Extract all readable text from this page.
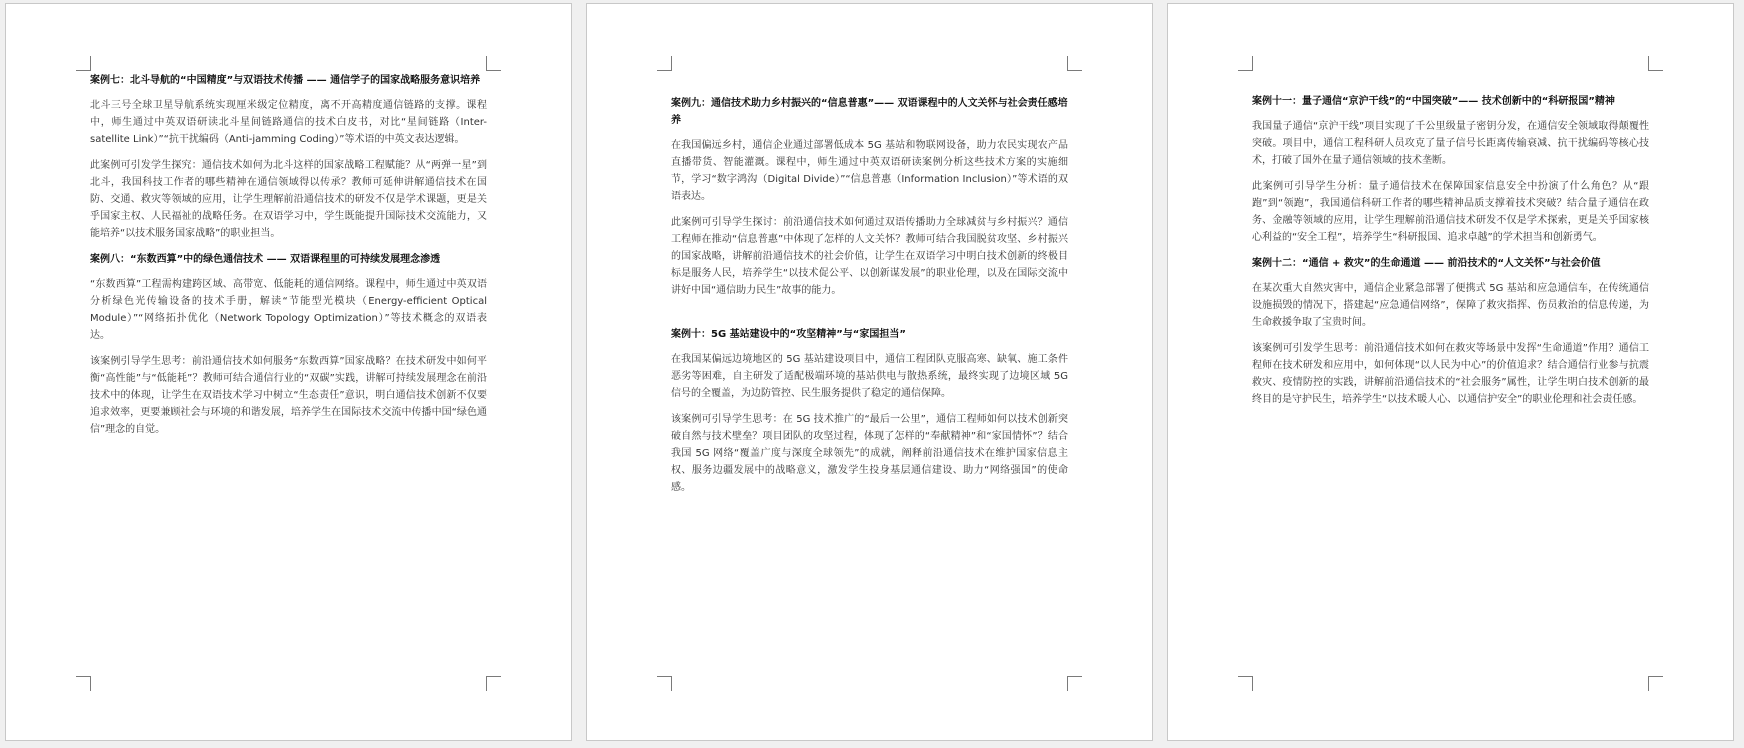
案例七：北斗导航的“中国精度”与双语技术传播 —— 通信学子的国家战略服务意识培养
北斗三号全球卫星导航系统实现厘米级定位精度，离不开高精度通信链路的支撑。课程中，师生通过中英双语研读北斗星间链路通信的技术白皮书，对比“星间链路（Inter-satellite Link）”“抗干扰编码（Anti-jamming Coding）”等术语的中英文表达逻辑。
此案例可引发学生探究：通信技术如何为北斗这样的国家战略工程赋能？从“两弹一星”到北斗，我国科技工作者的哪些精神在通信领域得以传承？教师可延伸讲解通信技术在国防、交通、救灾等领域的应用，让学生理解前沿通信技术的研发不仅是学术课题，更是关乎国家主权、人民福祉的战略任务。在双语学习中，学生既能提升国际技术交流能力，又能培养“以技术服务国家战略”的职业担当。
案例八：“东数西算”中的绿色通信技术 —— 双语课程里的可持续发展理念渗透
“东数西算”工程需构建跨区域、高带宽、低能耗的通信网络。课程中，师生通过中英双语分析绿色光传输设备的技术手册，解读“节能型光模块（Energy-efficient Optical Module）”“网络拓扑优化（Network Topology Optimization）”等技术概念的双语表达。
该案例引导学生思考：前沿通信技术如何服务“东数西算”国家战略？在技术研发中如何平衡“高性能”与“低能耗”？教师可结合通信行业的“双碳”实践，讲解可持续发展理念在前沿技术中的体现，让学生在双语技术学习中树立“生态责任”意识，明白通信技术创新不仅要追求效率，更要兼顾社会与环境的和谐发展，培养学生在国际技术交流中传播中国“绿色通信”理念的自觉。
案例九：通信技术助力乡村振兴的“信息普惠”—— 双语课程中的人文关怀与社会责任感培养
在我国偏远乡村，通信企业通过部署低成本 5G 基站和物联网设备，助力农民实现农产品直播带货、智能灌溉。课程中，师生通过中英双语研读案例分析这些技术方案的实施细节，学习“数字鸿沟（Digital Divide）”“信息普惠（Information Inclusion）”等术语的双语表达。
此案例可引导学生探讨：前沿通信技术如何通过双语传播助力全球减贫与乡村振兴？通信工程师在推动“信息普惠”中体现了怎样的人文关怀？教师可结合我国脱贫攻坚、乡村振兴的国家战略，讲解前沿通信技术的社会价值，让学生在双语学习中明白技术创新的终极目标是服务人民，培养学生“以技术促公平、以创新谋发展”的职业伦理，以及在国际交流中讲好中国“通信助力民生”故事的能力。
案例十：5G 基站建设中的“攻坚精神”与“家国担当”
在我国某偏远边境地区的 5G 基站建设项目中，通信工程团队克服高寒、缺氧、施工条件恶劣等困难，自主研发了适配极端环境的基站供电与散热系统，最终实现了边境区域 5G 信号的全覆盖，为边防管控、民生服务提供了稳定的通信保障。
该案例可引导学生思考：在 5G 技术推广的“最后一公里”，通信工程师如何以技术创新突破自然与技术壁垒？项目团队的攻坚过程，体现了怎样的“奉献精神”和“家国情怀”？结合我国 5G 网络“覆盖广度与深度全球领先”的成就，阐释前沿通信技术在维护国家信息主权、服务边疆发展中的战略意义，激发学生投身基层通信建设、助力“网络强国”的使命感。
案例十一：量子通信“京沪干线”的“中国突破”—— 技术创新中的“科研报国”精神
我国量子通信“京沪干线”项目实现了千公里级量子密钥分发，在通信安全领域取得颠覆性突破。项目中，通信工程科研人员攻克了量子信号长距离传输衰减、抗干扰编码等核心技术，打破了国外在量子通信领域的技术垄断。
此案例可引导学生分析：量子通信技术在保障国家信息安全中扮演了什么角色？从“跟跑”到“领跑”，我国通信科研工作者的哪些精神品质支撑着技术突破？结合量子通信在政务、金融等领域的应用，让学生理解前沿通信技术研发不仅是学术探索，更是关乎国家核心利益的“安全工程”，培养学生“科研报国、追求卓越”的学术担当和创新勇气。
案例十二：“通信 + 救灾”的生命通道 —— 前沿技术的“人文关怀”与社会价值
在某次重大自然灾害中，通信企业紧急部署了便携式 5G 基站和应急通信车，在传统通信设施损毁的情况下，搭建起“应急通信网络”，保障了救灾指挥、伤员救治的信息传递，为生命救援争取了宝贵时间。
该案例可引发学生思考：前沿通信技术如何在救灾等场景中发挥“生命通道”作用？通信工程师在技术研发和应用中，如何体现“以人民为中心”的价值追求？结合通信行业参与抗震救灾、疫情防控的实践，讲解前沿通信技术的“社会服务”属性，让学生明白技术创新的最终目的是守护民生，培养学生“以技术暖人心、以通信护安全”的职业伦理和社会责任感。
